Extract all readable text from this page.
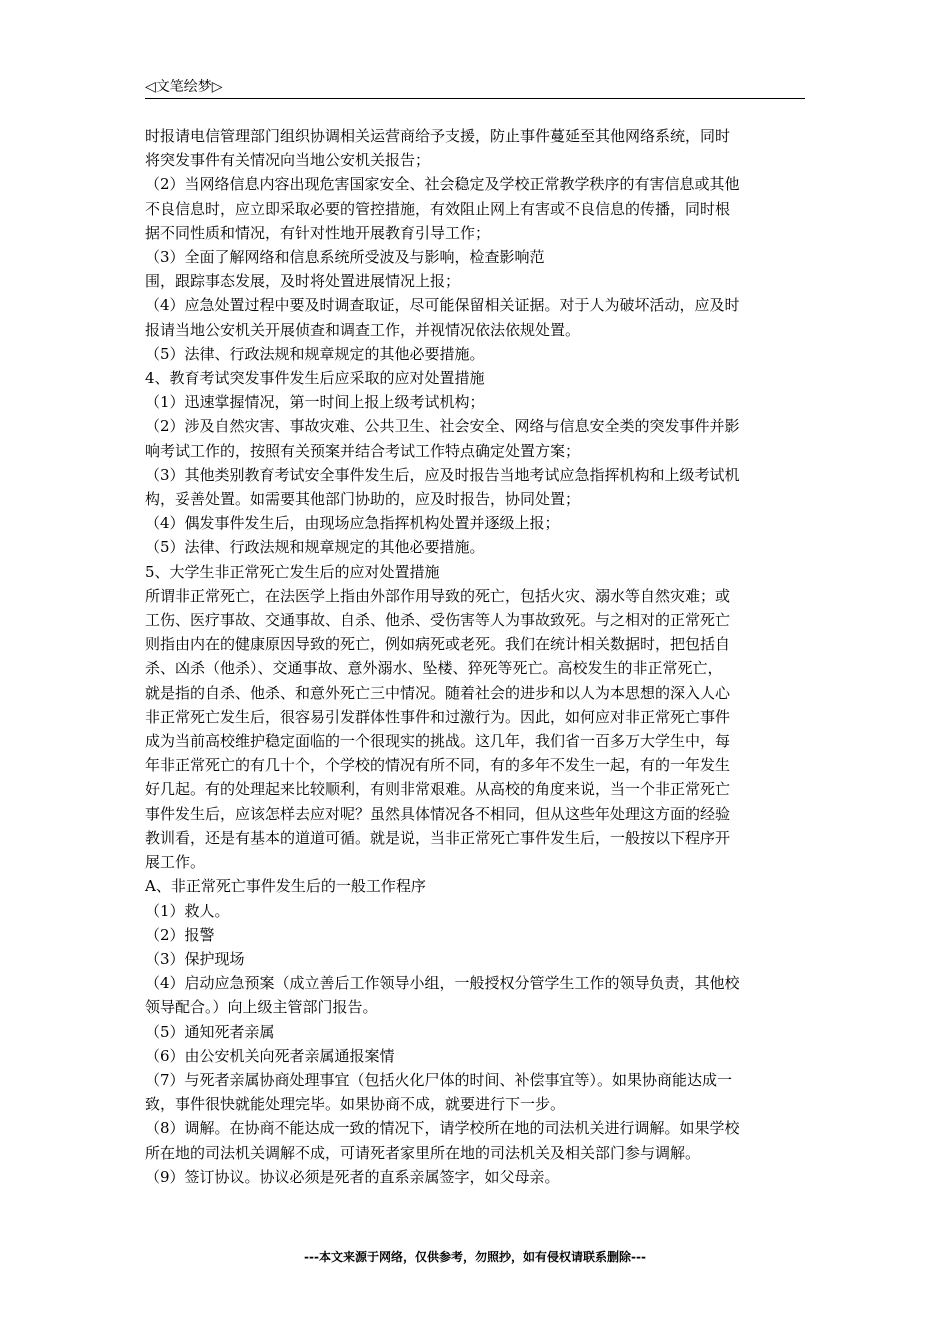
◁文笔绘梦▷

时报请电信管理部门组织协调相关运营商给予支援，防止事件蔓延至其他网络系统，同时

将突发事件有关情况向当地公安机关报告；

（2）当网络信息内容出现危害国家安全、社会稳定及学校正常教学秩序的有害信息或其他

不良信息时，应立即采取必要的管控措施，有效阻止网上有害或不良信息的传播，同时根

据不同性质和情况，有针对性地开展教育引导工作；

（3）全面了解网络和信息系统所受波及与影响，检查影响范

围，跟踪事态发展，及时将处置进展情况上报；

（4）应急处置过程中要及时调查取证，尽可能保留相关证据。对于人为破坏活动，应及时

报请当地公安机关开展侦查和调查工作，并视情况依法依规处置。

（5）法律、行政法规和规章规定的其他必要措施。

4、教育考试突发事件发生后应采取的应对处置措施

（1）迅速掌握情况，第一时间上报上级考试机构；

（2）涉及自然灾害、事故灾难、公共卫生、社会安全、网络与信息安全类的突发事件并影

响考试工作的，按照有关预案并结合考试工作特点确定处置方案；

（3）其他类别教育考试安全事件发生后，应及时报告当地考试应急指挥机构和上级考试机

构，妥善处置。如需要其他部门协助的，应及时报告，协同处置；

（4）偶发事件发生后，由现场应急指挥机构处置并逐级上报；

（5）法律、行政法规和规章规定的其他必要措施。

5、大学生非正常死亡发生后的应对处置措施

所谓非正常死亡，在法医学上指由外部作用导致的死亡，包括火灾、溺水等自然灾难；或

工伤、医疗事故、交通事故、自杀、他杀、受伤害等人为事故致死。与之相对的正常死亡

则指由内在的健康原因导致的死亡，例如病死或老死。我们在统计相关数据时，把包括自

杀、凶杀（他杀）、交通事故、意外溺水、坠楼、猝死等死亡。高校发生的非正常死亡，

就是指的自杀、他杀、和意外死亡三中情况。随着社会的进步和以人为本思想的深入人心

非正常死亡发生后，很容易引发群体性事件和过激行为。因此，如何应对非正常死亡事件

成为当前高校维护稳定面临的一个很现实的挑战。这几年，我们省一百多万大学生中，每

年非正常死亡的有几十个，个学校的情况有所不同，有的多年不发生一起，有的一年发生

好几起。有的处理起来比较顺利，有则非常艰难。从高校的角度来说，当一个非正常死亡

事件发生后，应该怎样去应对呢？虽然具体情况各不相同，但从这些年处理这方面的经验

教训看，还是有基本的道道可循。就是说，当非正常死亡事件发生后，一般按以下程序开

展工作。

A、非正常死亡事件发生后的一般工作程序

（1）救人。

（2）报警

（3）保护现场

（4）启动应急预案（成立善后工作领导小组，一般授权分管学生工作的领导负责，其他校

领导配合。）向上级主管部门报告。

（5）通知死者亲属

（6）由公安机关向死者亲属通报案情

（7）与死者亲属协商处理事宜（包括火化尸体的时间、补偿事宜等）。如果协商能达成一

致，事件很快就能处理完毕。如果协商不成，就要进行下一步。

（8）调解。在协商不能达成一致的情况下，请学校所在地的司法机关进行调解。如果学校

所在地的司法机关调解不成，可请死者家里所在地的司法机关及相关部门参与调解。

（9）签订协议。协议必须是死者的直系亲属签字，如父母亲。

---本文来源于网络，仅供参考，勿照抄，如有侵权请联系删除---
